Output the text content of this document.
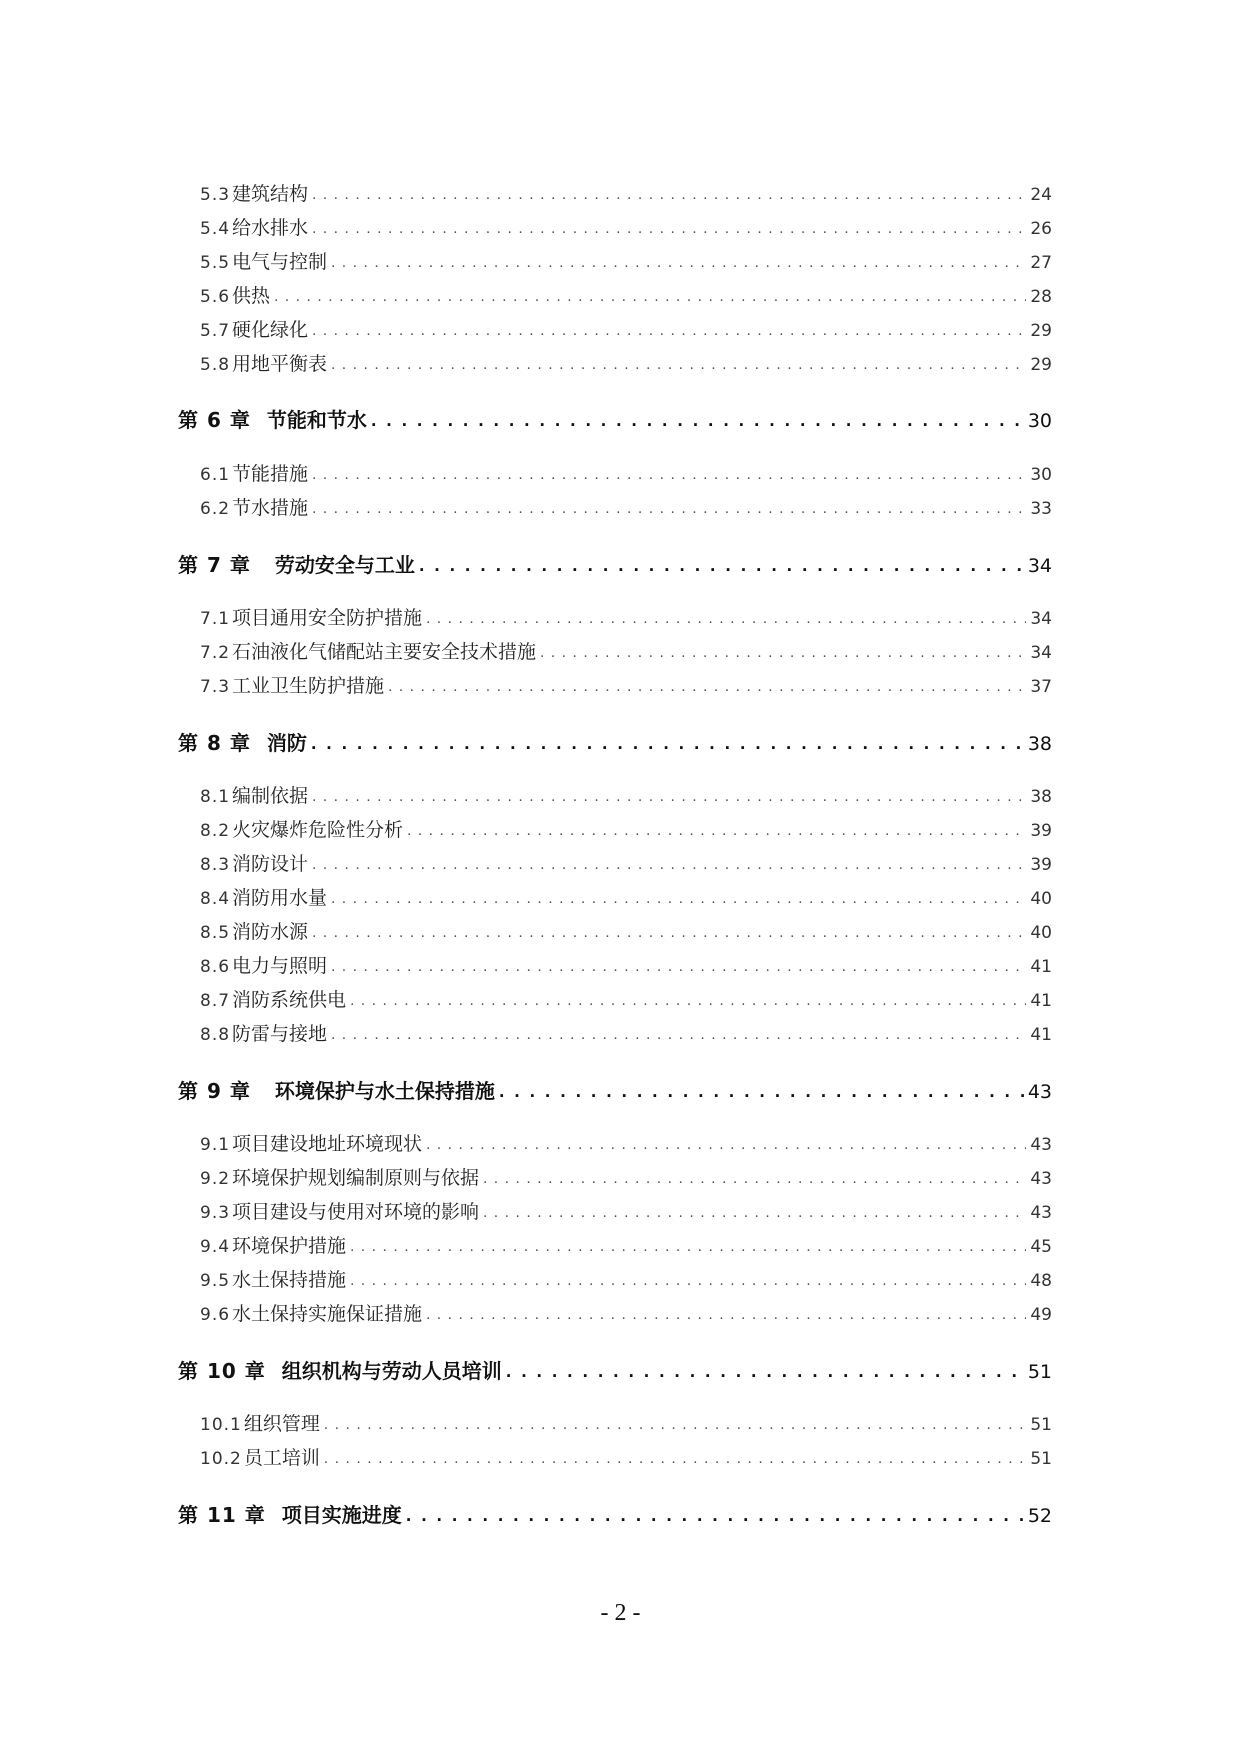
5.3 建筑结构 . . .	24
5.4 给水排水 . . .	26
5.5 电气与控制 . . .	27
5.6 供热 . . .	28
5.7 硬化绿化 . . .	29
5.8 用地平衡表 . . .	29
第 6 章 节能和节水 . . .	30
6.1 节能措施 . . .	30
6.2 节水措施 . . .	33
第 7 章 劳动安全与工业 . . .	34
7.1 项目通用安全防护措施 . . .	34
7.2 石油液化气储配站主要安全技术措施 . . .	34
7.3 工业卫生防护措施 . . .	37
第 8 章 消防 . . .	38
8.1 编制依据 . . .	38
8.2 火灾爆炸危险性分析 . . .	39
8.3 消防设计 . . .	39
8.4 消防用水量 . . .	40
8.5 消防水源 . . .	40
8.6 电力与照明 . . .	41
8.7 消防系统供电 . . .	41
8.8 防雷与接地 . . .	41
第 9 章 环境保护与水土保持措施 . . .	43
9.1 项目建设地址环境现状 . . .	43
9.2 环境保护规划编制原则与依据 . . .	43
9.3 项目建设与使用对环境的影响 . . .	43
9.4 环境保护措施 . . .	45
9.5 水土保持措施 . . .	48
9.6 水土保持实施保证措施 . . .	49
第 10 章 组织机构与劳动人员培训 . . .	51
10.1 组织管理 . . .	51
10.2 员工培训 . . .	51
第 11 章 项目实施进度 . . .	52
- 2 -
